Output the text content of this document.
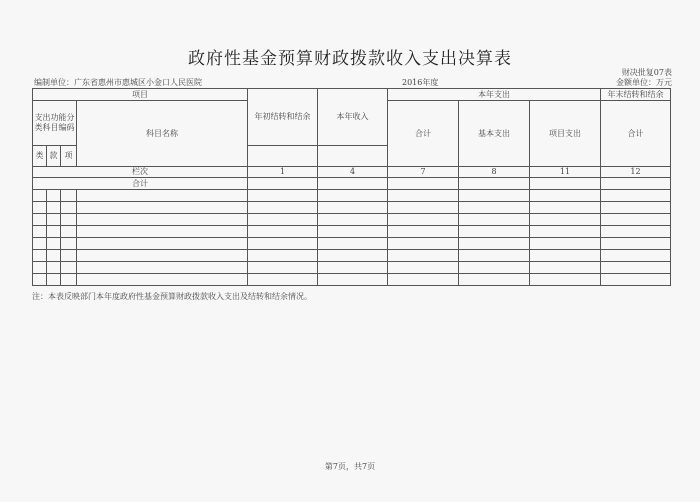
政府性基金预算财政拨款收入支出决算表
财决批复07表
编制单位：广东省惠州市惠城区小金口人民医院	2016年度	金额单位：万元
项目				年初结转和结余	本年收入	本年支出			年末结转和结余
支出功能分类科目编码			科目名称			合计	基本支出	项目支出	合计

类	款	项							
栏次				1	4	7	8	11	12
合计									

注：本表反映部门本年度政府性基金预算财政拨款收入支出及结转和结余情况。
第7页，共7页
